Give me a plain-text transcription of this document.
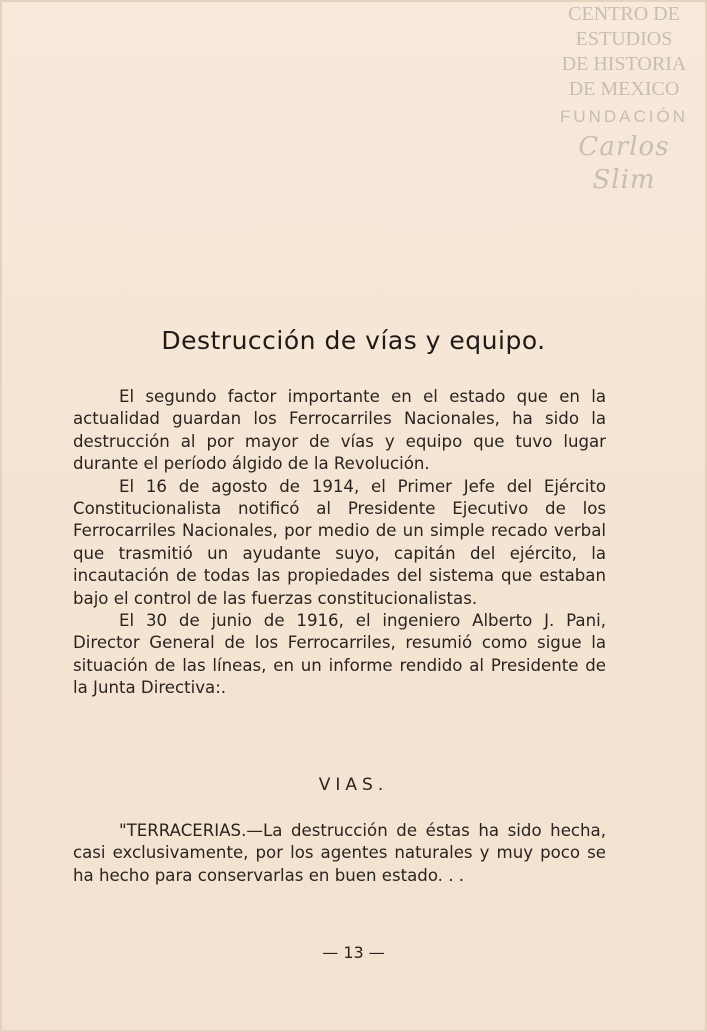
CENTRO DE
ESTUDIOS
DE HISTORIA
DE MEXICO
FUNDACIÓN
Carlos Slim
Destrucción de vías y equipo.

El segundo factor importante en el estado que en la actualidad guardan los Ferrocarriles Nacionales, ha sido la destrucción al por mayor de vías y equipo que tuvo lugar durante el período álgido de la Revolución.

El 16 de agosto de 1914, el Primer Jefe del Ejército Constitucionalista notificó al Presidente Ejecutivo de los Ferrocarriles Nacionales, por medio de un simple recado verbal que trasmitió un ayudante suyo, capitán del ejército, la incautación de todas las propiedades del sistema que estaban bajo el control de las fuerzas constitucionalistas.

El 30 de junio de 1916, el ingeniero Alberto J. Pani, Director General de los Ferrocarriles, resumió como sigue la situación de las líneas, en un informe rendido al Presidente de la Junta Directiva:.

VIAS.

"TERRACERIAS.—La destrucción de éstas ha sido hecha, casi exclusivamente, por los agentes naturales y muy poco se ha hecho para conservarlas en buen estado. . .

— 13 —
